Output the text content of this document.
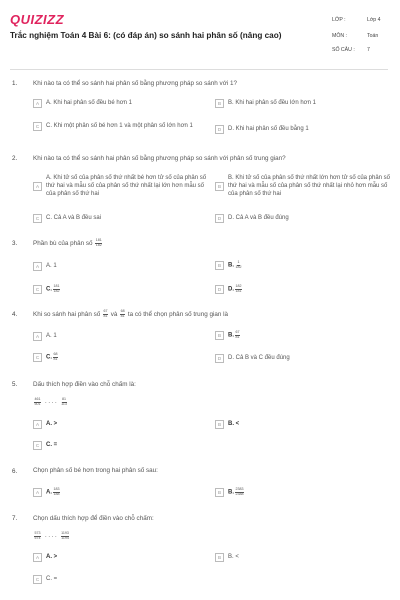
QUIZIZZ
Trắc nghiệm Toán 4 Bài 6: (có đáp án) so sánh hai phân số (nâng cao)
LỚP :	Lớp 4
MÔN :	Toán
SỐ CÂU :	7
1. Khi nào ta có thể so sánh hai phân số bằng phương pháp so sánh với 1?
A	A. Khi hai phân số đều bé hơn 1	B	B. Khi hai phân số đều lớn hơn 1
C	C. Khi một phân số bé hơn 1 và một phân số lớn hơn 1
D	D. Khi hai phân số đều bằng 1
2. Khi nào ta có thể so sánh hai phân số bằng phương pháp so sánh với phân số trung gian?
A
A. Khi tử số của phân số thứ nhất bé hơn tử số của phân số thứ hai và mẫu số của phân số thứ nhất lại lớn hơn mẫu số của phân số thứ hai
B
B. Khi tử số của phân số thứ nhất lớn hơn tử số của phân số thứ hai và mẫu số của phân số thứ nhất lại nhỏ hơn mẫu số của phân số thứ hai
C	C. Cả A và B đều sai	D	D. Cả A và B đều đúng
3. Phần bù của phân số $\frac{181}{182}$
A	A. 1	B	B. $\frac{1}{182}$
C	C. $\frac{181}{182}$	D	D. $\frac{182}{181}$
4. Khi so sánh hai phân số $\frac{67}{81}$ và $\frac{68}{81}$ ta có thể chọn phân số trung gian là
A	A. 1	B	B. $\frac{67}{81}$
C	C. $\frac{68}{81}$	D	D. Cả B và C đều đúng
5. Dấu thích hợp điền vào chỗ chấm là:
$\frac{461}{501}$ . . . . $\frac{81}{113}$
A	A. >	B	B. <
C	C. =
6. Chọn phân số bé hơn trong hai phân số sau:
A	A. $\frac{183}{188}$	B	B. $\frac{2383}{2388}$
7. Chọn dấu thích hợp để điền vào chỗ chấm:
$\frac{573}{574}$ . . . . $\frac{1193}{1194}$
A	A. >	B	B. <
C	C. =
